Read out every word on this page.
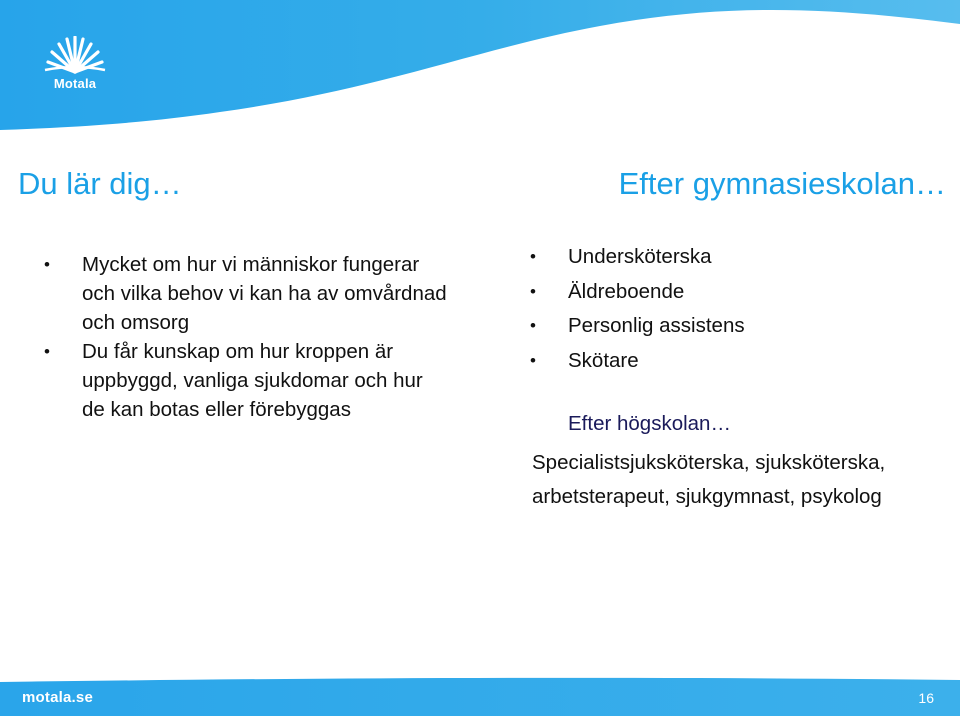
Motala
Du lär dig…	Efter gymnasieskolan…
• Mycket om hur vi människor fungerar och vilka behov vi kan ha av omvårdnad och omsorg
• Du får kunskap om hur kroppen är uppbyggd, vanliga sjukdomar och hur de kan botas eller förebyggas
• Undersköterska
• Äldreboende
• Personlig assistens
• Skötare

Efter högskolan…

Specialistsjuksköterska, sjuksköterska,
arbetsterapeut, sjukgymnast, psykolog
motala.se	16
